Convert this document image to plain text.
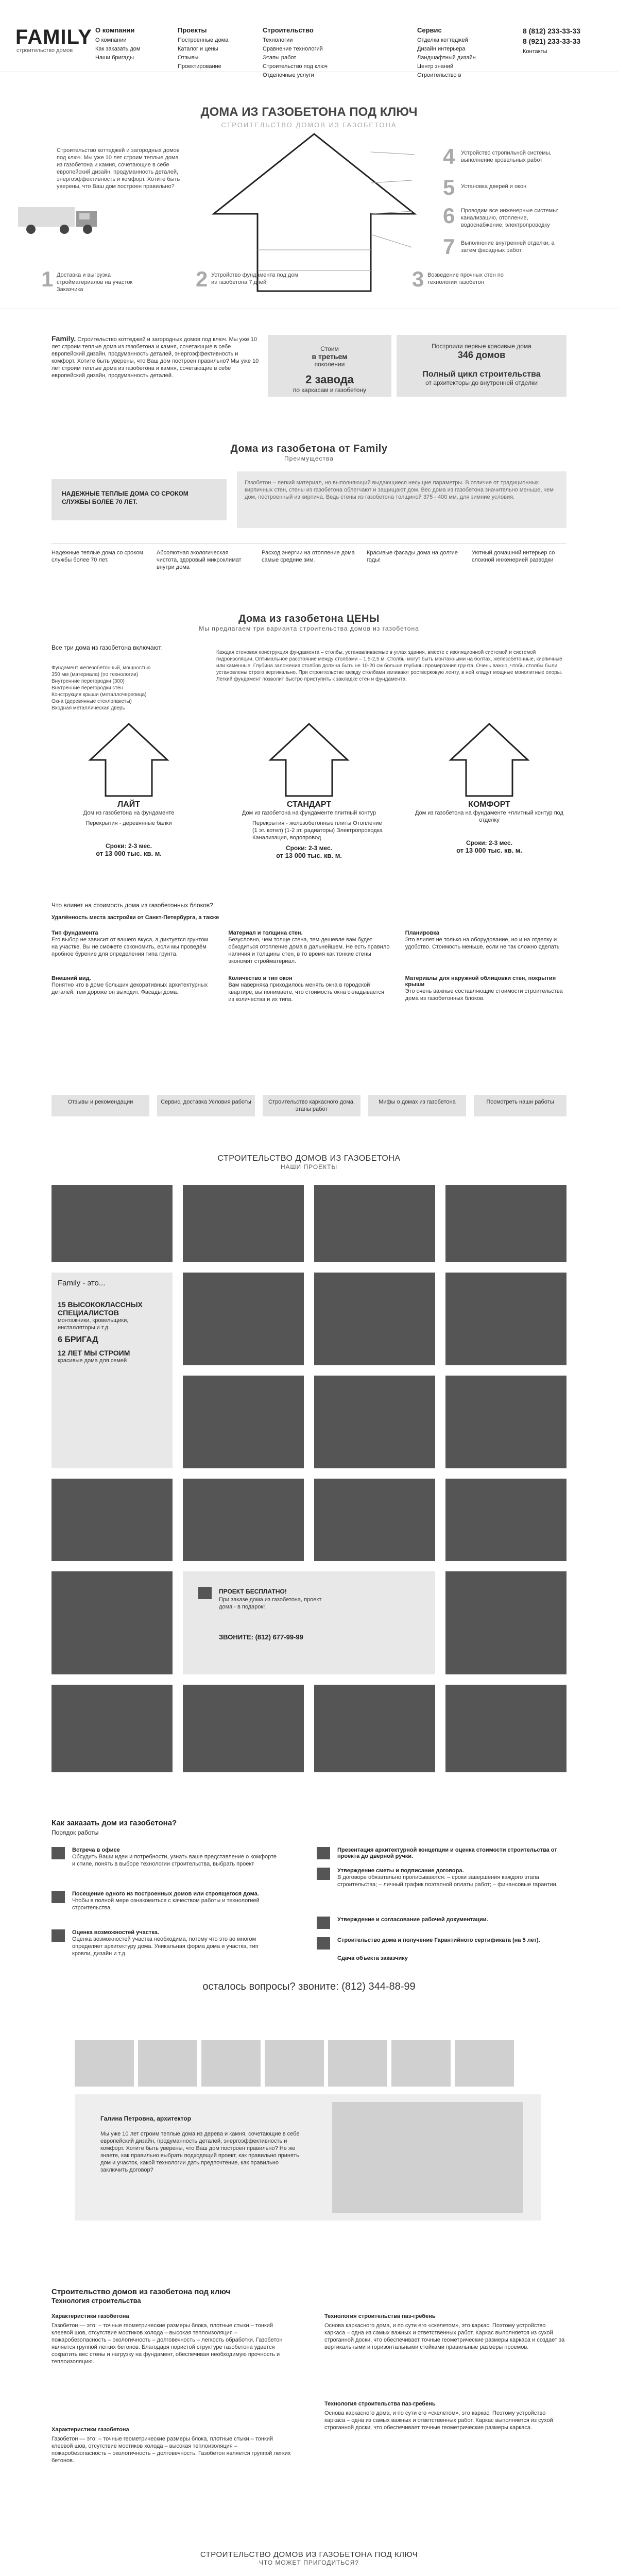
FAMILY
строительство домов
О компании
О компании
Как заказать дом
Наши бригады
Проекты
Построенные дома
Каталог и цены
Отзывы
Проектирование
Строительство
Технологии
Сравнение технологий
Этапы работ
Строительство под ключ
Отделочные услуги
Сервис
Отделка коттеджей
Дизайн интерьера
Ландшафтный дизайн
Центр знаний
Строительство в
8 (812) 233-33-33
8 (921) 233-33-33
Контакты
ДОМА ИЗ ГАЗОБЕТОНА ПОД КЛЮЧ
СТРОИТЕЛЬСТВО ДОМОВ ИЗ ГАЗОБЕТОНА
Строительство коттеджей и загородных домов под ключ. Мы уже 10 лет строим теплые дома из газобетона и камня, сочетающие в себе европейский дизайн, продуманность деталей, энергоэффективность и комфорт. Хотите быть уверены, что Ваш дом построен правильно?
1 Доставка и выгрузка стройматериалов на участок Заказчика	2 Устройство фундамента под дом из газобетона 7 дней	3 Возведение прочных стен по технологии газобетон
4 Устройство стропильной системы, выполнение кровельных работ
5 Установка дверей и окон
6 Проводим все инженерные системы: канализацию, отопление, водоснабжение, электропроводку
7 Выполнение внутренней отделки, а затем фасадных работ
Family. Строительство коттеджей и загородных домов под ключ. Мы уже 10 лет строим теплые дома из газобетона и камня, сочетающие в себе европейский дизайн, продуманность деталей, энергоэффективность и комфорт. Хотите быть уверены, что Ваш дом построен правильно? Мы уже 10 лет строим теплые дома из газобетона и камня, сочетающие в себе европейский дизайн, продуманность деталей.
Стоим
в третьем
поколении
2 завода
по каркасам и газобетону
Построили первые красивые дома
346 домов
Полный цикл строительства
от архитекторы до внутренней отделки
Дома из газобетона от Family
Преимущества
НАДЕЖНЫЕ ТЕПЛЫЕ ДОМА СО СРОКОМ СЛУЖБЫ БОЛЕЕ 70 ЛЕТ.
Газобетон – легкий материал, но выполняющий выдающиеся несущие параметры. В отличие от традиционных кирпичных стен, стены из газобетона облегчают и защищают дом. Вес дома из газобетона значительно меньше, чем дом, построенный из кирпича. Ведь стены из газобетона толщиной 375 - 400 мм, для зимние условия.
Надежные теплые дома со сроком службы более 70 лет.
Абсолютная экологическая чистота, здоровый микроклимат внутри дома
Расход энергии на отопление дома самые средние зим.
Красивые фасады дома на долгие годы!
Уютный домашний интерьер со сложной инженерией разводки
Дома из газобетона ЦЕНЫ
Мы предлагаем три варианта строительства домов из газобетона
Все три дома из газобетона включают:
Фундамент железобетонный, мощностью 350 мм (материала) (по технологии)
Внутренние перегородки (300)
Внутренние перегородки стен
Конструкция крыши (металлочерепица)
Окна (деревянные стеклопакеты)
Входная металлическая дверь
Каждая стеновая конструкция фундамента – столбы, устанавливаемые в углах здания, вместе с изоляционной системой и системой гидроизоляции. Оптимальное расстояние между столбами – 1,5-2,5 м. Столбы могут быть монтажными на болтах, железобетонные, кирпичные или каменные. Глубина заложения столбов должна быть не 10-20 см больше глубины промерзания грунта. Очень важно, чтобы столбы были установлены строго вертикально. При строительстве между столбами заливают ростверковую ленту, в ней кладут мощные монолитные опоры. Легкий фундамент позволит быстро приступить к закладке стен и фундамента.
ЛАЙТ
Дом из газобетона на фундаменте
Перекрытия - деревянные балки
Сроки: 2-3 мес.
от 13 000 тыс. кв. м.
СТАНДАРТ
Дом из газобетона на фундаменте плитный контур
Перекрытия - железобетонные плиты Отопление (1 эт. котел) (1-2 эт. радиаторы) Электропроводка Канализация, водопровод
Сроки: 2-3 мес.
от 13 000 тыс. кв. м.
КОМФОРТ
Дом из газобетона на фундаменте +плитный контур под отделку
Сроки: 2-3 мес.
от 13 000 тыс. кв. м.
Что влияет на стоимость дома из газобетонных блоков?
Удалённость места застройки от Санкт-Петербурга, а также
Тип фундамента
Его выбор не зависит от вашего вкуса, а диктуется грунтом на участке. Вы не сможете сэкономить, если мы проведём пробное бурение для определения типа грунта.
Материал и толщина стен.
Безусловно, чем толще стена, тем дешевле вам будет обходиться отопление дома в дальнейшем. Не есть правило наличия и толщины стен, в то время как тонкие стены экономят стройматериал.
Планировка
Это влияет не только на оборудование, но и на отделку и удобство. Стоимость меньше, если не так сложно сделать
Внешний вид.
Понятно что в доме больших декоративных архитектурных деталей, тем дороже он выходит. Фасады дома.
Количество и тип окон
Вам наверняка приходилось менять окна в городской квартире, вы понимаете, что стоимость окна складывается из количества и их типа.
Материалы для наружной облицовки стен, покрытия крыши
Это очень важные составляющие стоимости строительства дома из газобетонных блоков.
Отзывы и рекомендации	Сервис, доставка Условия работы	Строительство каркасного дома, этапы работ
Мифы о домах из газобетона	Посмотреть наши работы
СТРОИТЕЛЬСТВО ДОМОВ ИЗ ГАЗОБЕТОНА
НАШИ ПРОЕКТЫ
Family - это...
15 ВЫСОКОКЛАССНЫХ СПЕЦИАЛИСТОВ
монтажники, кровельщики, инсталляторы и т.д.
6 БРИГАД
12 ЛЕТ МЫ СТРОИМ
красивые дома для семей
ПРОЕКТ БЕСПЛАТНО!
При заказе дома из газобетона, проект дома - в подарок!
ЗВОНИТЕ: (812) 677-99-99
Как заказать дом из газобетона?
Порядок работы
Встреча в офисе
Обсудить Ваши идеи и потребности, узнать ваше представление о комфорте и стиле, понять в выборе технологии строительства, выбрать проект
Посещение одного из построенных домов или строящегося дома.
Чтобы в полной мере ознакомиться с качеством работы и технологией строительства.
Оценка возможностей участка.
Оценка возможностей участка необходима, потому что это во многом определяет архитектуру дома. Уникальная форма дома и участка, тип кровли, дизайн и т.д.
Презентация архитектурной концепции и оценка стоимости строительства от проекта до дверной ручки.
Утверждение сметы и подписание договора.
В договоре обязательно прописываются: – сроки завершения каждого этапа строительства; – личный график поэтапной оплаты работ; – финансовые гарантии.
Утверждение и согласование рабочей документации.
Строительство дома и получение Гарантийного сертификата (на 5 лет).
Сдача объекта заказчику
осталось вопросы? звоните: (812) 344-88-99
Галина Петровна, архитектор
Мы уже 10 лет строим теплые дома из дерева и камня, сочетающие в себе европейский дизайн, продуманность деталей, энергоэффективность и комфорт. Хотите быть уверены, что Ваш дом построен правильно? Не же знаете, как правильно выбрать подходящий проект, как правильно принять дом и участок, какой технологии дать предпочтение, как правильно заключить договор?
Строительство домов из газобетона под ключ
Технология строительства
Характеристики газобетона
Газобетон — это: – точные геометрические размеры блока, плотные стыки – тонкий клеевой шов, отсутствие мостиков холода – высокая теплоизоляция – пожаробезопасность – экологичность – долговечность – легкость обработки. Газобетон является группой легких бетонов. Благодаря пористой структуре газобетона удается сократить вес стены и нагрузку на фундамент, обеспечивая необходимую прочность и теплоизоляцию.
Технология строительства паз-гребень
Основа каркасного дома, и по сути его «скелетом», это каркас. Поэтому устройство каркаса – одна из самых важных и ответственных работ. Каркас выполняется из сухой строганной доски, что обеспечивает точные геометрические размеры каркаса и создает за вертикальными и горизонтальными стойками правильные размеры проемов.
Характеристики газобетона
Газобетон — это: – точные геометрические размеры блока, плотные стыки – тонкий клеевой шов, отсутствие мостиков холода – высокая теплоизоляция – пожаробезопасность – экологичность – долговечность. Газобетон является группой легких бетонов.
Технология строительства паз-гребень
Основа каркасного дома, и по сути его «скелетом», это каркас. Поэтому устройство каркаса – одна из самых важных и ответственных работ. Каркас выполняется из сухой строганной доски, что обеспечивает точные геометрические размеры каркаса.
СТРОИТЕЛЬСТВО ДОМОВ ИЗ ГАЗОБЕТОНА ПОД КЛЮЧ
ЧТО МОЖЕТ ПРИГОДИТЬСЯ?
